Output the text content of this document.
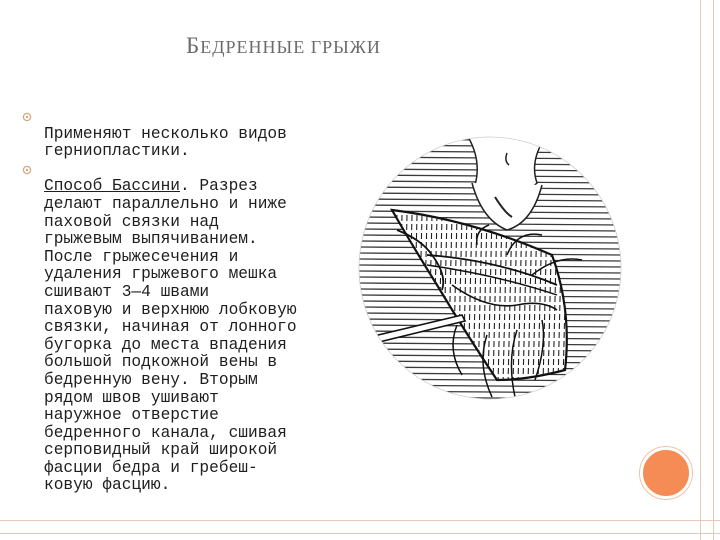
БЕДРЕННЫЕ ГРЫЖИ

Применяют несколько видов
герниопластики.

Способ Бассини. Разрез
делают параллельно и ниже
паховой связки над
грыжевым выпячиванием.
После грыжесечения и
удаления грыжевого мешка
сшивают 3—4 швами
паховую и верхнюю лобковую
связки, начиная от лонного
бугорка до места впадения
большой подкожной вены в
бедренную вену. Вторым
рядом швов ушивают
наружное отверстие
бедренного канала, сшивая
серповидный край широкой
фасции бедра и гребеш-
ковую фасцию.
